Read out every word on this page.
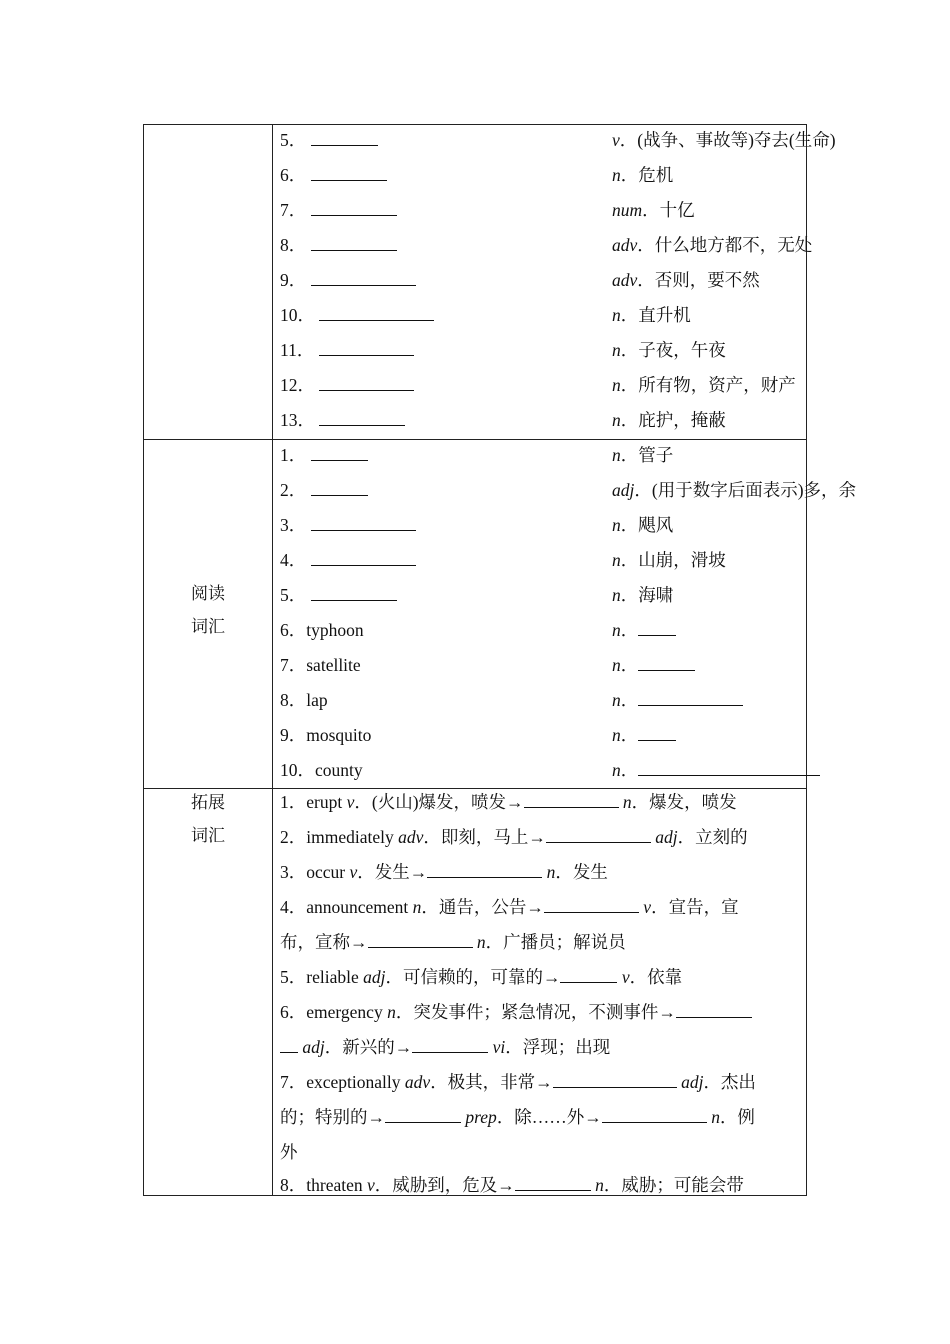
5．	v．(战争、事故等)夺去(生命)
6．	n．危机
7．	num．十亿
8．	adv．什么地方都不，无处
9．	adv．否则，要不然
10．	n．直升机
11．	n．子夜，午夜
12．	n．所有物，资产，财产
13．	n．庇护，掩蔽
阅读
词汇
1．	n．管子
2．	adj．(用于数字后面表示)多，余
3．	n．飓风
4．	n．山崩，滑坡
5．	n．海啸
6．typhoon	n．
7．satellite	n．
8．lap	n．
9．mosquito	n．
10．county	n．
拓展
词汇
1．erupt v．(火山)爆发，喷发→	n．爆发，喷发
2．immediately adv．即刻，马上→	adj．立刻的
3．occur v．发生→	n．发生
4．announcement n．通告，公告→	v．宣告，宣
布，宣称→	n．广播员；解说员
5．reliable adj．可信赖的，可靠的→	v．依靠
6．emergency n．突发事件；紧急情况，不测事件→
adj．新兴的→	vi．浮现；出现
7．exceptionally adv．极其，非常→	adj．杰出
的；特别的→	prep．除……外→	n．例
外
8．threaten v．威胁到，危及→	n．威胁；可能会带
